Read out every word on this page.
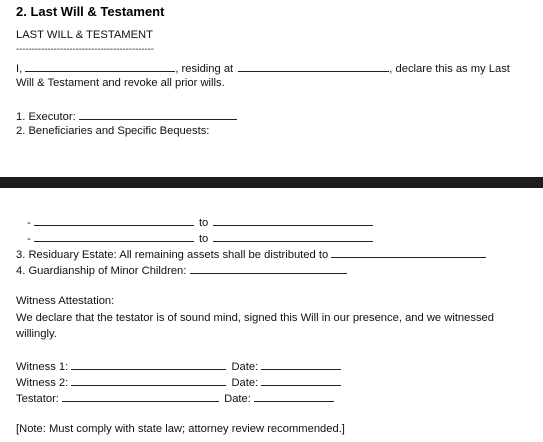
2. Last Will & Testament
LAST WILL & TESTAMENT
--------------------------------------------
I,	, residing at	, declare this as my Last
Will & Testament and revoke all prior wills.
1. Executor:
2. Beneficiaries and Specific Bequests:
-	to
-	to
3. Residuary Estate: All remaining assets shall be distributed to
4. Guardianship of Minor Children:
Witness Attestation:
We declare that the testator is of sound mind, signed this Will in our presence, and we witnessed willingly.
Witness 1:	Date:
Witness 2:	Date:
Testator:	Date:
[Note: Must comply with state law; attorney review recommended.]
